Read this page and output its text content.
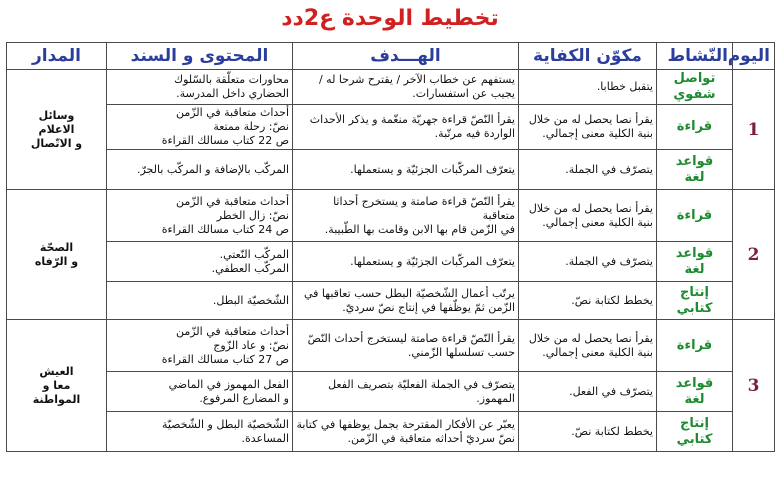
تخطيط الوحدة ع2دد
اليوم	النّشاط	مكوّن الكفاية	الهـــدف	المحتوى و السند	المدار
1	تواصل
شفوي	يتقبل خطابا.	يستفهم عن خطاب الآخر / يقترح شرحا له /
يجيب عن استفسارات.	محاورات متعلّقة بالسّلوك
الحضاري داخل المدرسة.	وسائل
الاعلام
و الاتّصال

	قراءة	يقرأ نصا يحصل له من خلال
بنية الكلية معنى إجمالي.	يقرأ النّصّ قراءة جهريّة منغّمة و يذكر الأحداث
الواردة فيه مرتّبة.	أحداث متعاقبة في الزّمن
نصّ: رحلة ممتعة
ص 22 كتاب مسالك القراءة	

	قواعد
لغة	يتصرّف في الجملة.	يتعرّف المركّبات الجزئيّة و يستعملها.	المركّب بالإضافة و المركّب بالجرّ.	

2	قراءة	يقرأ نصا يحصل له من خلال
بنية الكلية معنى إجمالي.	يقرأ النّصّ قراءة صامتة و يستخرج أحداثا
متعاقبة
في الزّمن قام بها الابن وقامت بها الطّبيبة.	أحداث متعاقبة في الزّمن
نصّ: زال الخطر
ص 24 كتاب مسالك القراءة	الصحّة
و الرّفاه

	قواعد
لغة	يتصرّف في الجملة.	يتعرّف المركّبات الجزئيّة و يستعملها.	المركّب النّعتي.
المركّب العطفي.	

	إنتاج
كتابي	يخطط لكتابة نصّ.	يرتّب أعمال الشّخصيّة البطل حسب تعاقبها في
الزّمن ثمّ يوظّفها في إنتاج نصّ سرديّ.	الشّخصيّة البطل.	

3	قراءة	يقرأ نصا يحصل له من خلال
بنية الكلية معنى إجمالي.	يقرأ النّصّ قراءة صامتة ليستخرج أحداث النّصّ
حسب تسلسلها الزّمني.	أحداث متعاقبة في الزّمن
نصّ: و عاد الزّوج
ص 27 كتاب مسالك القراءة	العيش
معا و
المواطنة

	قواعد
لغة	يتصرّف في الفعل.	يتصرّف في الجملة الفعليّة بتصريف الفعل
المهموز.	الفعل المهموز في الماضي
و المضارع المرفوع.	

	إنتاج
كتابي	يخطط لكتابة نصّ.	يعبّر عن الأفكار المقترحة بجمل يوظفها في كتابة
نصّ سرديّ أحداثه متعاقبة في الزّمن.	الشّخصيّة البطل و الشّخصيّة
المساعدة.	
